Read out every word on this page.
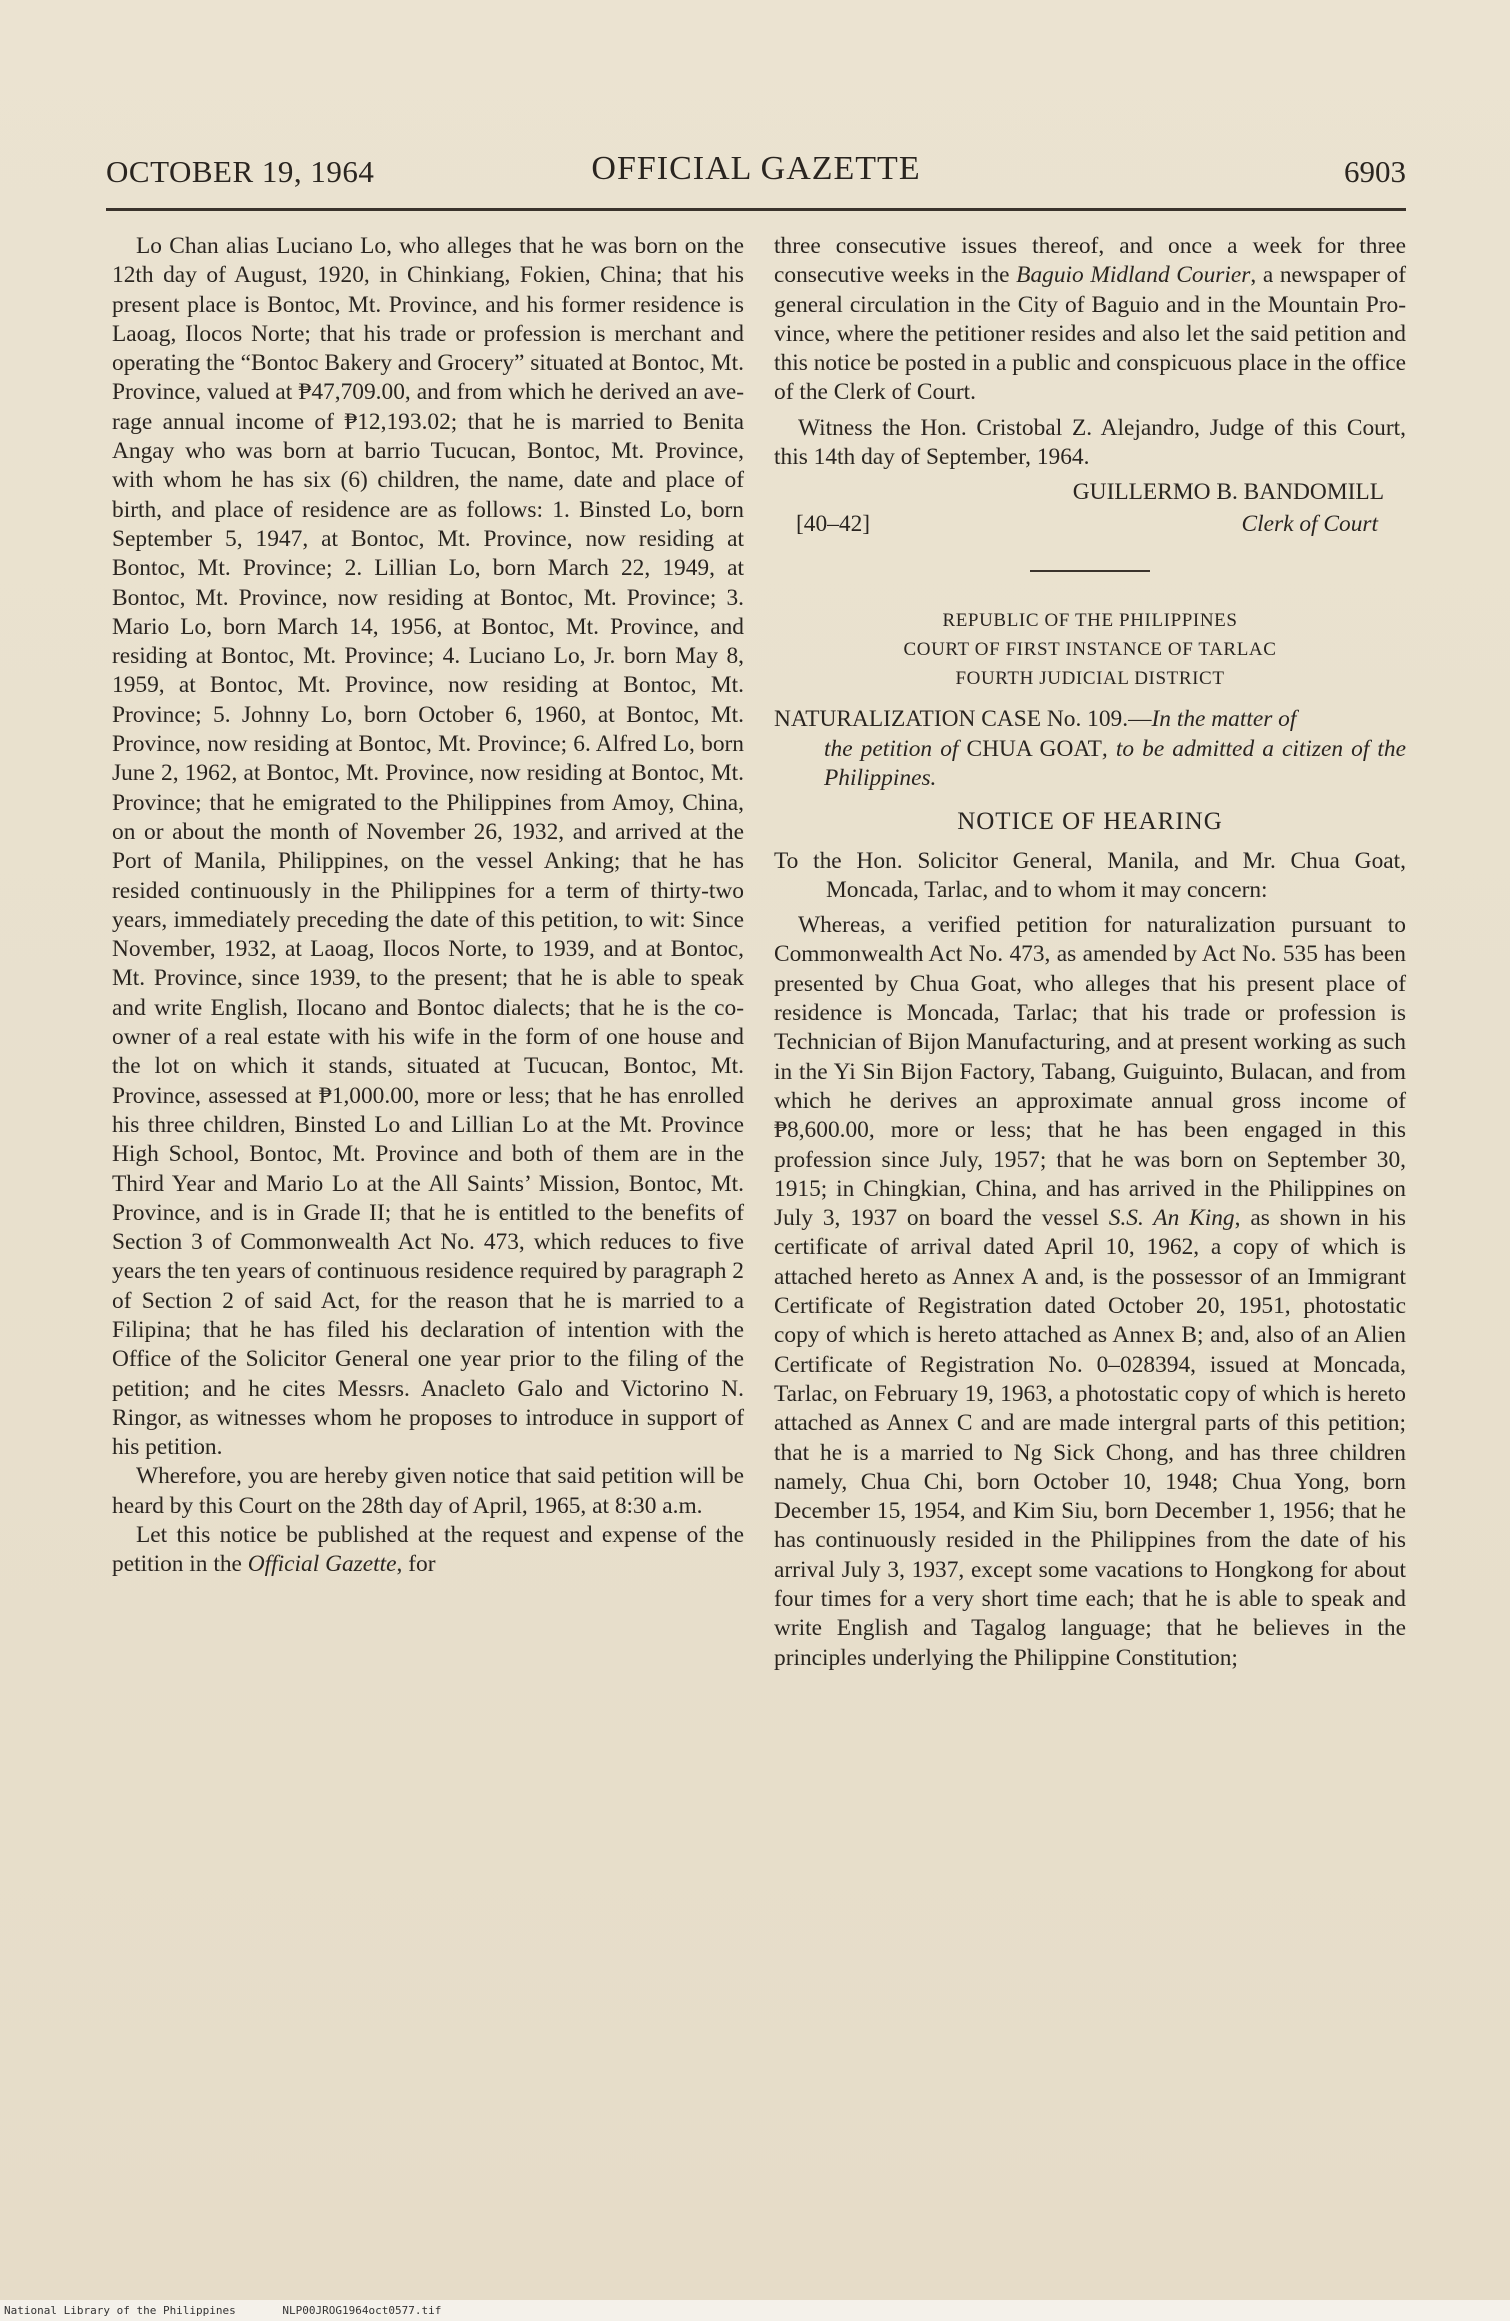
OCTOBER 19, 1964	OFFICIAL GAZETTE	6903

Lo Chan alias Luciano Lo, who alleges that he was born on the 12th day of August, 1920, in Chinkiang, Fokien, China; that his present place is Bontoc, Mt. Province, and his former residence is Laoag, Ilocos Norte; that his trade or profession is merchant and operating the “Bontoc Bakery and Grocery” situated at Bontoc, Mt. Province, valued at ₱47,709.00, and from which he derived an average annual income of ₱12,193.02; that he is married to Benita Angay who was born at barrio Tucucan, Bontoc, Mt. Province, with whom he has six (6) children, the name, date and place of birth, and place of residence are as follows: 1. Binsted Lo, born September 5, 1947, at Bontoc, Mt. Province, now residing at Bontoc, Mt. Province; 2. Lillian Lo, born March 22, 1949, at Bontoc, Mt. Province, now residing at Bontoc, Mt. Province; 3. Mario Lo, born March 14, 1956, at Bontoc, Mt. Province, and residing at Bontoc, Mt. Province; 4. Luciano Lo, Jr. born May 8, 1959, at Bontoc, Mt. Province, now residing at Bontoc, Mt. Province; 5. Johnny Lo, born October 6, 1960, at Bontoc, Mt. Province, now residing at Bontoc, Mt. Province; 6. Alfred Lo, born June 2, 1962, at Bontoc, Mt. Province, now residing at Bontoc, Mt. Province; that he emigrated to the Philippines from Amoy, China, on or about the month of November 26, 1932, and arrived at the Port of Manila, Philippines, on the vessel Anking; that he has resided continuously in the Philippines for a term of thirty-two years, immediately preceding the date of this petition, to wit: Since November, 1932, at Laoag, Ilocos Norte, to 1939, and at Bontoc, Mt. Province, since 1939, to the present; that he is able to speak and write English, Ilocano and Bontoc dialects; that he is the co-owner of a real estate with his wife in the form of one house and the lot on which it stands, situated at Tucucan, Bontoc, Mt. Province, assessed at ₱1,000.00, more or less; that he has enrolled his three children, Binsted Lo and Lillian Lo at the Mt. Province High School, Bontoc, Mt. Province and both of them are in the Third Year and Mario Lo at the All Saints’ Mission, Bontoc, Mt. Province, and is in Grade II; that he is entitled to the benefits of Section 3 of Commonwealth Act No. 473, which reduces to five years the ten years of continuous residence required by paragraph 2 of Section 2 of said Act, for the reason that he is married to a Filipina; that he has filed his declaration of intention with the Office of the Solicitor General one year prior to the filing of the petition; and he cites Messrs. Anacleto Galo and Victorino N. Ringor, as witnesses whom he proposes to introduce in support of his petition.

Wherefore, you are hereby given notice that said petition will be heard by this Court on the 28th day of April, 1965, at 8:30 a.m.

Let this notice be published at the request and expense of the petition in the Official Gazette, for

three consecutive issues thereof, and once a week for three consecutive weeks in the Baguio Midland Courier, a newspaper of general circulation in the City of Baguio and in the Mountain Province, where the petitioner resides and also let the said petition and this notice be posted in a public and conspicuous place in the office of the Clerk of Court.

Witness the Hon. Cristobal Z. Alejandro, Judge of this Court, this 14th day of September, 1964.

GUILLERMO B. BANDOMILL
[40–42]	Clerk of Court
REPUBLIC OF THE PHILIPPINES
COURT OF FIRST INSTANCE OF TARLAC
FOURTH JUDICIAL DISTRICT

NATURALIZATION CASE No. 109.—In the matter of

the petition of CHUA GOAT, to be admitted a citizen of the Philippines.

NOTICE OF HEARING

To the Hon. Solicitor General, Manila, and Mr. Chua Goat, Moncada, Tarlac, and to whom it may concern:

Whereas, a verified petition for naturalization pursuant to Commonwealth Act No. 473, as amended by Act No. 535 has been presented by Chua Goat, who alleges that his present place of residence is Moncada, Tarlac; that his trade or profession is Technician of Bijon Manufacturing, and at present working as such in the Yi Sin Bijon Factory, Tabang, Guiguinto, Bulacan, and from which he derives an approximate annual gross income of ₱8,600.00, more or less; that he has been engaged in this profession since July, 1957; that he was born on September 30, 1915; in Chingkian, China, and has arrived in the Philippines on July 3, 1937 on board the vessel S.S. An King, as shown in his certificate of arrival dated April 10, 1962, a copy of which is attached hereto as Annex A and, is the possessor of an Immigrant Certificate of Registration dated October 20, 1951, photostatic copy of which is hereto attached as Annex B; and, also of an Alien Certificate of Registration No. 0–028394, issued at Moncada, Tarlac, on February 19, 1963, a photostatic copy of which is hereto attached as Annex C and are made intergral parts of this petition; that he is a married to Ng Sick Chong, and has three children namely, Chua Chi, born October 10, 1948; Chua Yong, born December 15, 1954, and Kim Siu, born December 1, 1956; that he has continuously resided in the Philippines from the date of his arrival July 3, 1937, except some vacations to Hongkong for about four times for a very short time each; that he is able to speak and write English and Tagalog language; that he believes in the principles underlying the Philippine Constitution;

National Library of the Philippines	NLP00JROG1964oct0577.tif
